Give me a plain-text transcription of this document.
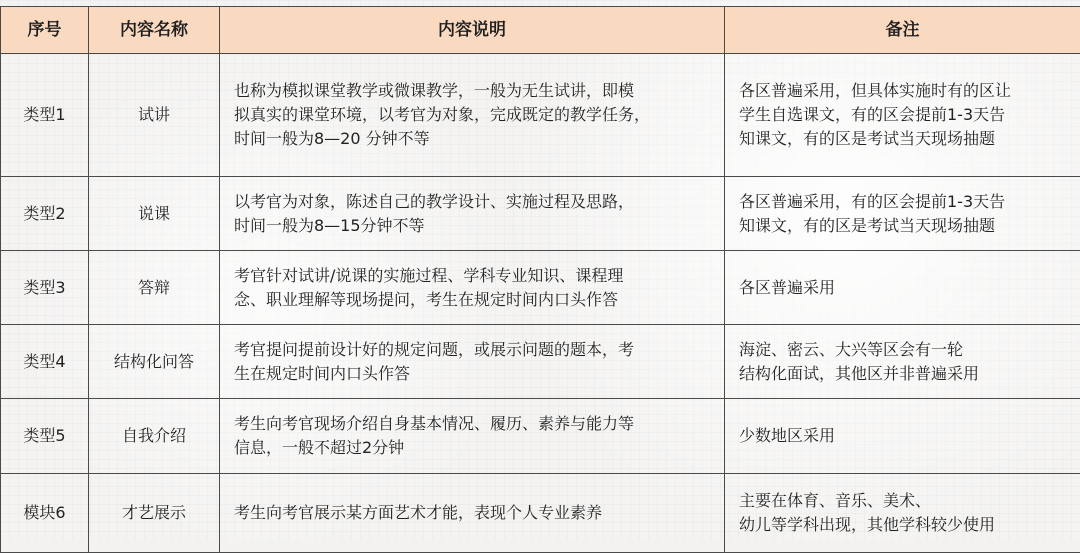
序号	内容名称	内容说明	备注
类型1	试讲	也称为模拟课堂教学或微课教学，一般为无生试讲，即模
拟真实的课堂环境，以考官为对象，完成既定的教学任务，
时间一般为8—20 分钟不等	各区普遍采用，但具体实施时有的区让
学生自选课文，有的区会提前1-3天告
知课文，有的区是考试当天现场抽题
类型2	说课	以考官为对象，陈述自己的教学设计、实施过程及思路，
时间一般为8—15分钟不等	各区普遍采用，有的区会提前1-3天告
知课文，有的区是考试当天现场抽题
类型3	答辩	考官针对试讲/说课的实施过程、学科专业知识、课程理
念、职业理解等现场提问，考生在规定时间内口头作答	各区普遍采用
类型4	结构化问答	考官提问提前设计好的规定问题，或展示问题的题本，考
生在规定时间内口头作答	海淀、密云、大兴等区会有一轮
结构化面试，其他区并非普遍采用
类型5	自我介绍	考生向考官现场介绍自身基本情况、履历、素养与能力等
信息，一般不超过2分钟	少数地区采用
模块6	才艺展示	考生向考官展示某方面艺术才能，表现个人专业素养	主要在体育、音乐、美术、
幼儿等学科出现，其他学科较少使用
